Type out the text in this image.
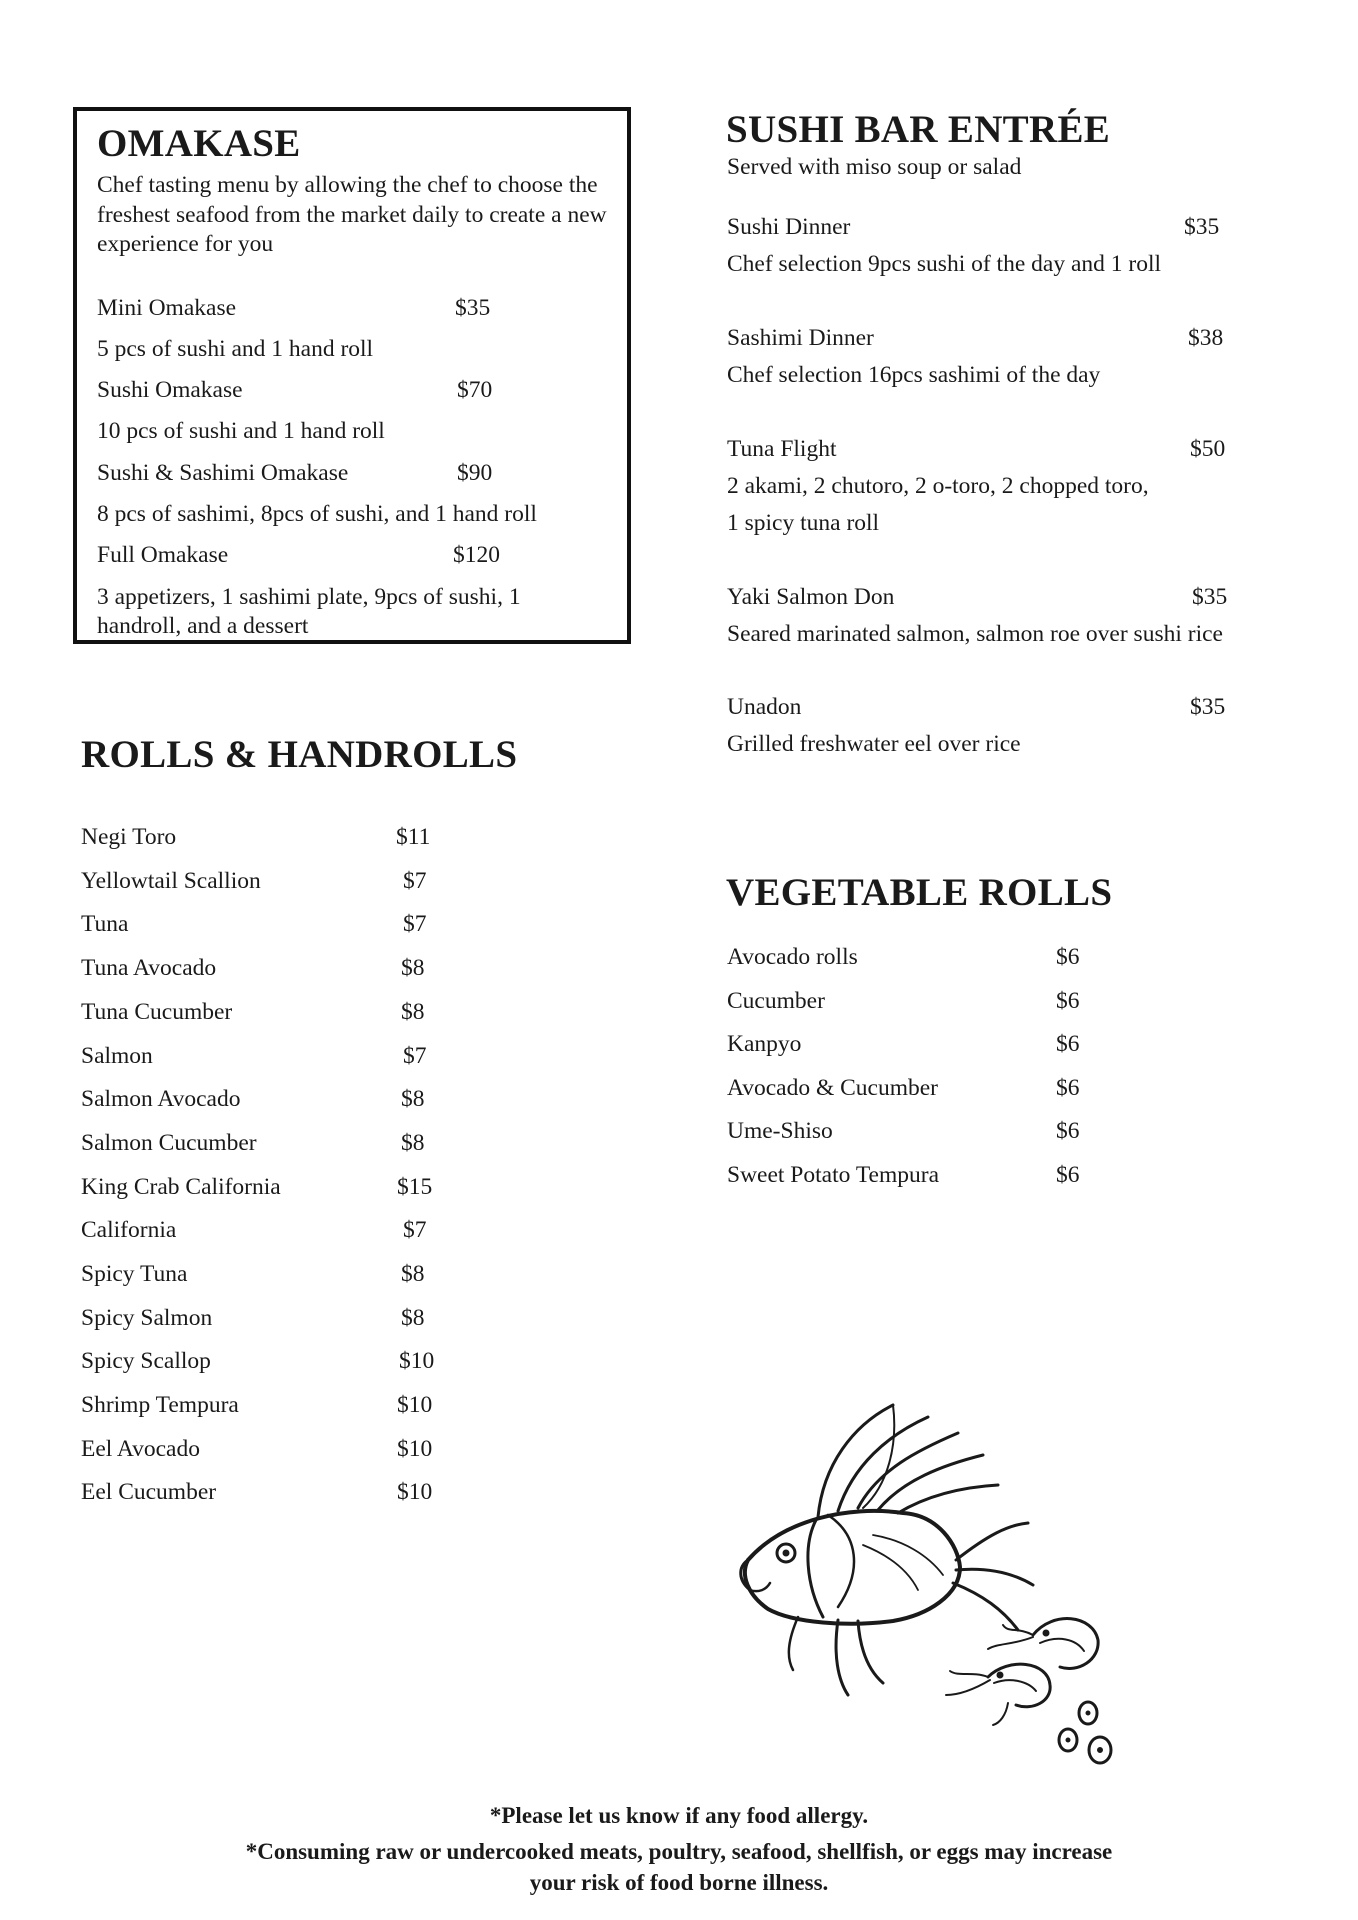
OMAKASE
Chef tasting menu by allowing the chef to choose the freshest seafood from the market daily to create a new experience for you
Mini Omakase	$35
5 pcs of sushi and 1 hand roll
Sushi Omakase	$70
10 pcs of sushi and 1 hand roll
Sushi & Sashimi Omakase	$90
8 pcs of sashimi, 8pcs of sushi, and 1 hand roll
Full Omakase	$120
3 appetizers, 1 sashimi plate, 9pcs of sushi, 1
handroll, and a dessert
ROLLS & HANDROLLS
Negi Toro	$11
Yellowtail Scallion	$7
Tuna	$7
Tuna Avocado	$8
Tuna Cucumber	$8
Salmon	$7
Salmon Avocado	$8
Salmon Cucumber	$8
King Crab California	$15
California	$7
Spicy Tuna	$8
Spicy Salmon	$8
Spicy Scallop	$10
Shrimp Tempura	$10
Eel Avocado	$10
Eel Cucumber	$10
SUSHI BAR ENTRÉE
Served with miso soup or salad
Sushi Dinner	$35
Chef selection 9pcs sushi of the day and 1 roll
Sashimi Dinner	$38
Chef selection 16pcs sashimi of the day
Tuna Flight	$50
2 akami, 2 chutoro, 2 o-toro, 2 chopped toro,
1 spicy tuna roll
Yaki Salmon Don	$35
Seared marinated salmon, salmon roe over sushi rice
Unadon	$35
Grilled freshwater eel over rice
VEGETABLE ROLLS
Avocado rolls	$6
Cucumber	$6
Kanpyo	$6
Avocado & Cucumber	$6
Ume-Shiso	$6
Sweet Potato Tempura	$6
*Please let us know if any food allergy.
*Consuming raw or undercooked meats, poultry, seafood, shellfish, or eggs may increase
your risk of food borne illness.
